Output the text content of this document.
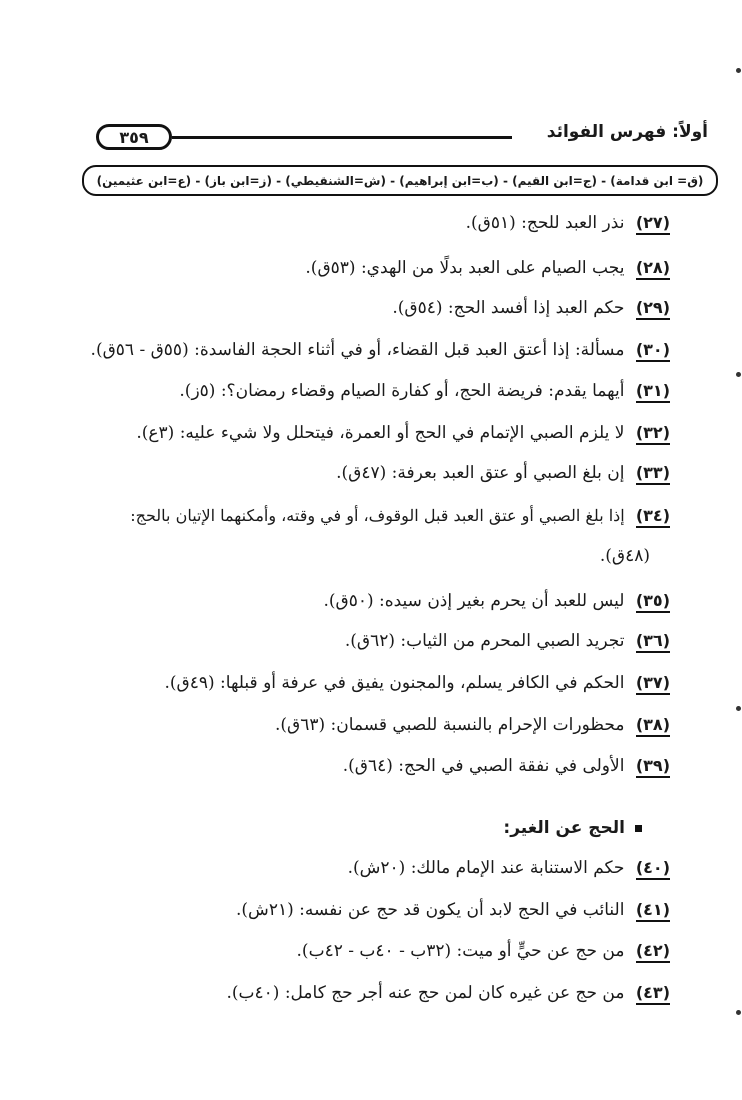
أولاً: فهرس الفوائد
٣٥٩
(ق= ابن قدامة) - (ج=ابن القيم) - (ب=ابن إبراهيم) - (ش=الشنقيطي) - (ز=ابن باز) - (ع=ابن عثيمين)
(٢٧) نذر العبد للحج: (٥١ق).
(٢٨) يجب الصيام على العبد بدلًا من الهدي: (٥٣ق).
(٢٩) حكم العبد إذا أفسد الحج: (٥٤ق).
(٣٠) مسألة: إذا أعتق العبد قبل القضاء، أو في أثناء الحجة الفاسدة: (٥٥ق - ٥٦ق).
(٣١) أيهما يقدم: فريضة الحج، أو كفارة الصيام وقضاء رمضان؟: (٥ز).
(٣٢) لا يلزم الصبي الإتمام في الحج أو العمرة، فيتحلل ولا شيء عليه: (٣ع).
(٣٣) إن بلغ الصبي أو عتق العبد بعرفة: (٤٧ق).
(٣٤) إذا بلغ الصبي أو عتق العبد قبل الوقوف، أو في وقته، وأمكنهما الإتيان بالحج:
(٤٨ق).
(٣٥) ليس للعبد أن يحرم بغير إذن سيده: (٥٠ق).
(٣٦) تجريد الصبي المحرم من الثياب: (٦٢ق).
(٣٧) الحكم في الكافر يسلم، والمجنون يفيق في عرفة أو قبلها: (٤٩ق).
(٣٨) محظورات الإحرام بالنسبة للصبي قسمان: (٦٣ق).
(٣٩) الأولى في نفقة الصبي في الحج: (٦٤ق).
الحج عن الغير:
(٤٠) حكم الاستنابة عند الإمام مالك: (٢٠ش).
(٤١) النائب في الحج لابد أن يكون قد حج عن نفسه: (٢١ش).
(٤٢) من حج عن حيٍّ أو ميت: (٣٢ب - ٤٠ب - ٤٢ب).
(٤٣) من حج عن غيره كان لمن حج عنه أجر حج كامل: (٤٠ب).
